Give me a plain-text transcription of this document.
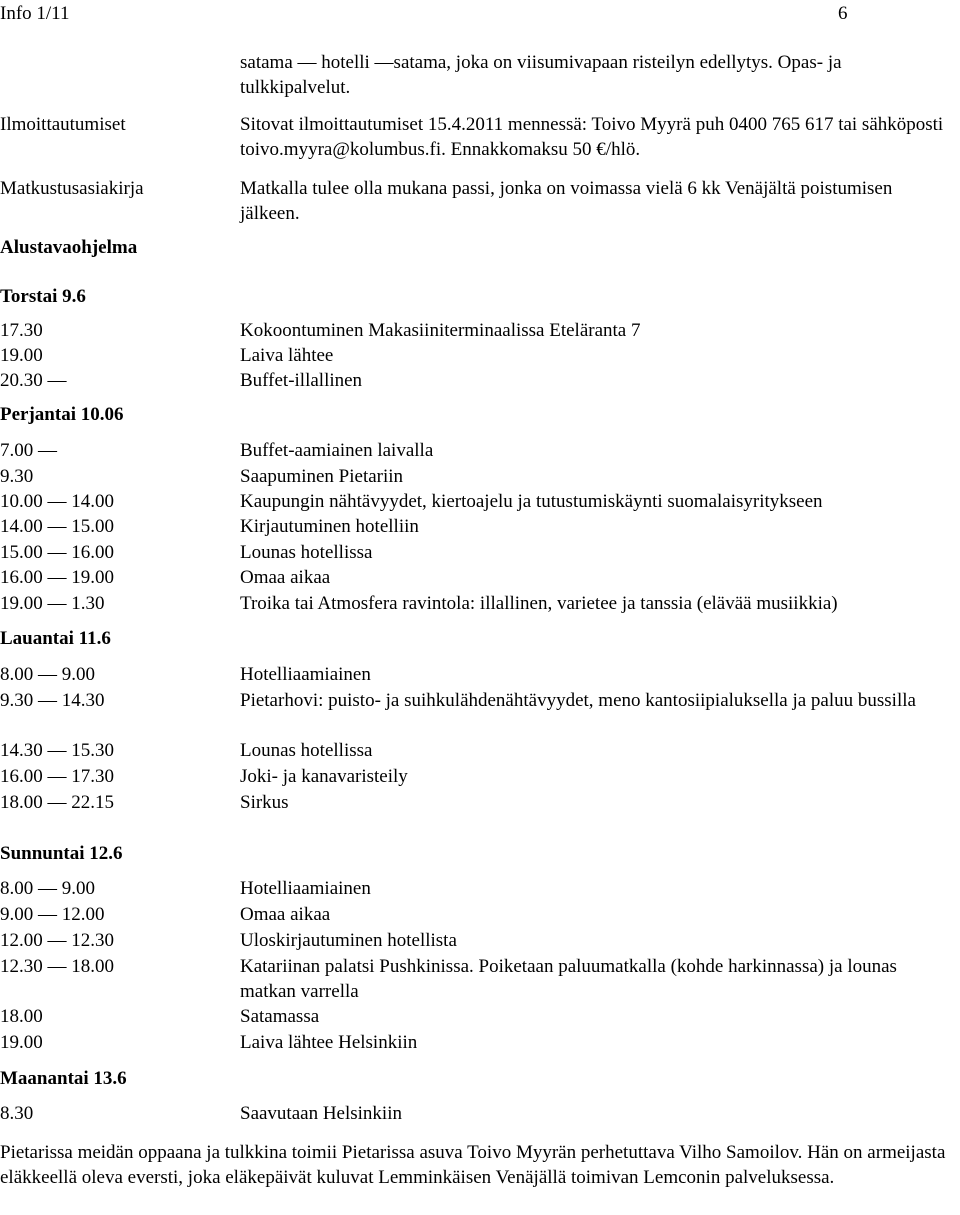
Info 1/11	6
satama — hotelli —satama, joka on viisumivapaan risteilyn edellytys. Opas- ja tulkkipalvelut.
Ilmoittautumiset	Sitovat ilmoittautumiset 15.4.2011 mennessä: Toivo Myyrä puh 0400 765 617 tai sähköposti toivo.myyra@kolumbus.fi. Ennakkomaksu 50 €/hlö.
Matkustusasiakirja	Matkalla tulee olla mukana passi, jonka on voimassa vielä 6 kk Venäjältä poistumisen jälkeen.
Alustavaohjelma
Torstai 9.6
17.30	Kokoontuminen Makasiiniterminaalissa Eteläranta 7
19.00	Laiva lähtee
20.30 —	Buffet-illallinen
Perjantai 10.06
7.00 —	Buffet-aamiainen laivalla
9.30	Saapuminen Pietariin
10.00 — 14.00	Kaupungin nähtävyydet, kiertoajelu ja tutustumiskäynti suomalaisyritykseen
14.00 — 15.00	Kirjautuminen hotelliin
15.00 — 16.00	Lounas hotellissa
16.00 — 19.00	Omaa aikaa
19.00 — 1.30	Troika tai Atmosfera ravintola: illallinen, varietee ja tanssia (elävää musiikkia)
Lauantai 11.6
8.00 — 9.00	Hotelliaamiainen
9.30 — 14.30	Pietarhovi: puisto- ja suihkulähdenähtävyydet, meno kantosiipialuksella ja paluu bussilla
14.30 — 15.30	Lounas hotellissa
16.00 — 17.30	Joki- ja kanavaristeily
18.00 — 22.15	Sirkus
Sunnuntai 12.6
8.00 — 9.00	Hotelliaamiainen
9.00 — 12.00	Omaa aikaa
12.00 — 12.30	Uloskirjautuminen hotellista
12.30 — 18.00	Katariinan palatsi Pushkinissa. Poiketaan paluumatkalla (kohde harkinnassa) ja lounas matkan varrella
18.00	Satamassa
19.00	Laiva lähtee Helsinkiin
Maanantai 13.6
8.30	Saavutaan Helsinkiin
Pietarissa meidän oppaana ja tulkkina toimii Pietarissa asuva Toivo Myyrän perhetuttava Vilho Samoilov. Hän on armeijasta eläkkeellä oleva eversti, joka eläkepäivät kuluvat Lemminkäisen Venäjällä toimivan Lemconin palveluksessa.
